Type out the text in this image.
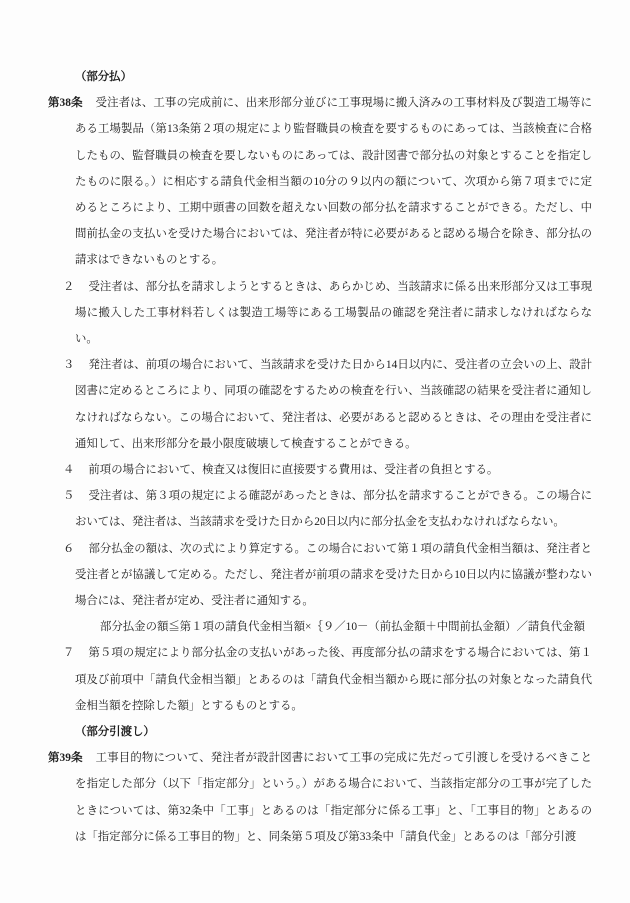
（部分払）

第38条 受注者は、工事の完成前に、出来形部分並びに工事現場に搬入済みの工事材料及び製造工場等にある工場製品（第13条第２項の規定により監督職員の検査を要するものにあっては、当該検査に合格したもの、監督職員の検査を要しないものにあっては、設計図書で部分払の対象とすることを指定したものに限る。）に相応する請負代金相当額の10分の９以内の額について、次項から第７項までに定めるところにより、工期中頭書の回数を超えない回数の部分払を請求することができる。ただし、中間前払金の支払いを受けた場合においては、発注者が特に必要があると認める場合を除き、部分払の請求はできないものとする。

２ 受注者は、部分払を請求しようとするときは、あらかじめ、当該請求に係る出来形部分又は工事現場に搬入した工事材料若しくは製造工場等にある工場製品の確認を発注者に請求しなければならない。

３ 発注者は、前項の場合において、当該請求を受けた日から14日以内に、受注者の立会いの上、設計図書に定めるところにより、同項の確認をするための検査を行い、当該確認の結果を受注者に通知しなければならない。この場合において、発注者は、必要があると認めるときは、その理由を受注者に通知して、出来形部分を最小限度破壊して検査することができる。

４ 前項の場合において、検査又は復旧に直接要する費用は、受注者の負担とする。

５ 受注者は、第３項の規定による確認があったときは、部分払を請求することができる。この場合においては、発注者は、当該請求を受けた日から20日以内に部分払金を支払わなければならない。

６ 部分払金の額は、次の式により算定する。この場合において第１項の請負代金相当額は、発注者と受注者とが協議して定める。ただし、発注者が前項の請求を受けた日から10日以内に協議が整わない場合には、発注者が定め、受注者に通知する。

部分払金の額≦第１項の請負代金相当額×｛９／10－（前払金額＋中間前払金額）／請負代金額

７ 第５項の規定により部分払金の支払いがあった後、再度部分払の請求をする場合においては、第１項及び前項中「請負代金相当額」とあるのは「請負代金相当額から既に部分払の対象となった請負代金相当額を控除した額」とするものとする。

（部分引渡し）

第39条 工事目的物について、発注者が設計図書において工事の完成に先だって引渡しを受けるべきことを指定した部分（以下「指定部分」という。）がある場合において、当該指定部分の工事が完了したときについては、第32条中「工事」とあるのは「指定部分に係る工事」と、「工事目的物」とあるのは「指定部分に係る工事目的物」と、同条第５項及び第33条中「請負代金」とあるのは「部分引渡
